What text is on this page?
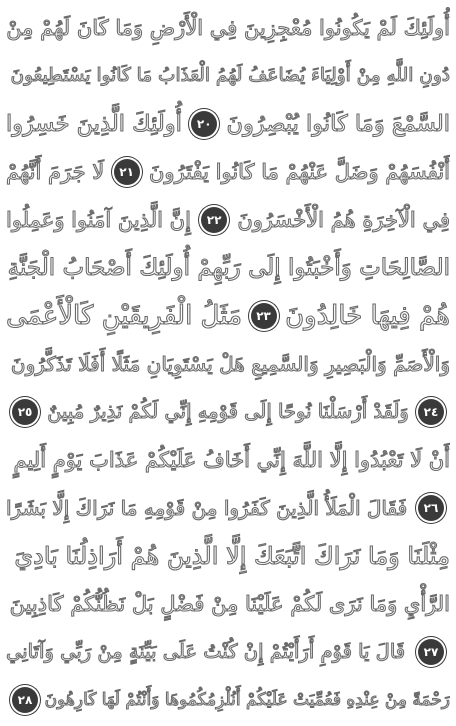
أُولَئِكَ لَمْ يَكُونُوا مُعْجِزِينَ فِي الْأَرْضِ وَمَا كَانَ لَهُمْ مِنْ
دُونِ اللَّهِ مِنْ أَوْلِيَاءَ يُضَاعَفُ لَهُمُ الْعَذَابُ مَا كَانُوا يَسْتَطِيعُونَ
السَّمْعَ وَمَا كَانُوا يُبْصِرُونَ
٢٠
أُولَئِكَ الَّذِينَ خَسِرُوا
أَنْفُسَهُمْ وَضَلَّ عَنْهُمْ مَا كَانُوا يَفْتَرُونَ
٢١
لَا جَرَمَ أَنَّهُمْ
فِي الْآخِرَةِ هُمُ الْأَخْسَرُونَ
٢٢
إِنَّ الَّذِينَ آمَنُوا وَعَمِلُوا
الصَّالِحَاتِ وَأَخْبَتُوا إِلَى رَبِّهِمْ أُولَئِكَ أَصْحَابُ الْجَنَّةِ
هُمْ فِيهَا خَالِدُونَ
٢٣
مَثَلُ الْفَرِيقَيْنِ كَالْأَعْمَى
وَالْأَصَمِّ وَالْبَصِيرِ وَالسَّمِيعِ هَلْ يَسْتَوِيَانِ مَثَلًا أَفَلَا تَذَكَّرُونَ
٢٤
وَلَقَدْ أَرْسَلْنَا نُوحًا إِلَى قَوْمِهِ إِنِّي لَكُمْ نَذِيرٌ مُبِينٌ
٢٥
أَنْ لَا تَعْبُدُوا إِلَّا اللَّهَ إِنِّي أَخَافُ عَلَيْكُمْ عَذَابَ يَوْمٍ أَلِيمٍ
٢٦
فَقَالَ الْمَلَأُ الَّذِينَ كَفَرُوا مِنْ قَوْمِهِ مَا نَرَاكَ إِلَّا بَشَرًا
مِثْلَنَا وَمَا نَرَاكَ اتَّبَعَكَ إِلَّا الَّذِينَ هُمْ أَرَاذِلُنَا بَادِيَ
الرَّأْيِ وَمَا نَرَى لَكُمْ عَلَيْنَا مِنْ فَضْلٍ بَلْ نَظُنُّكُمْ كَاذِبِينَ
٢٧
قَالَ يَا قَوْمِ أَرَأَيْتُمْ إِنْ كُنْتُ عَلَى بَيِّنَةٍ مِنْ رَبِّي وَآتَانِي
رَحْمَةً مِنْ عِنْدِهِ فَعُمِّيَتْ عَلَيْكُمْ أَنُلْزِمُكُمُوهَا وَأَنْتُمْ لَهَا كَارِهُونَ
٢٨
